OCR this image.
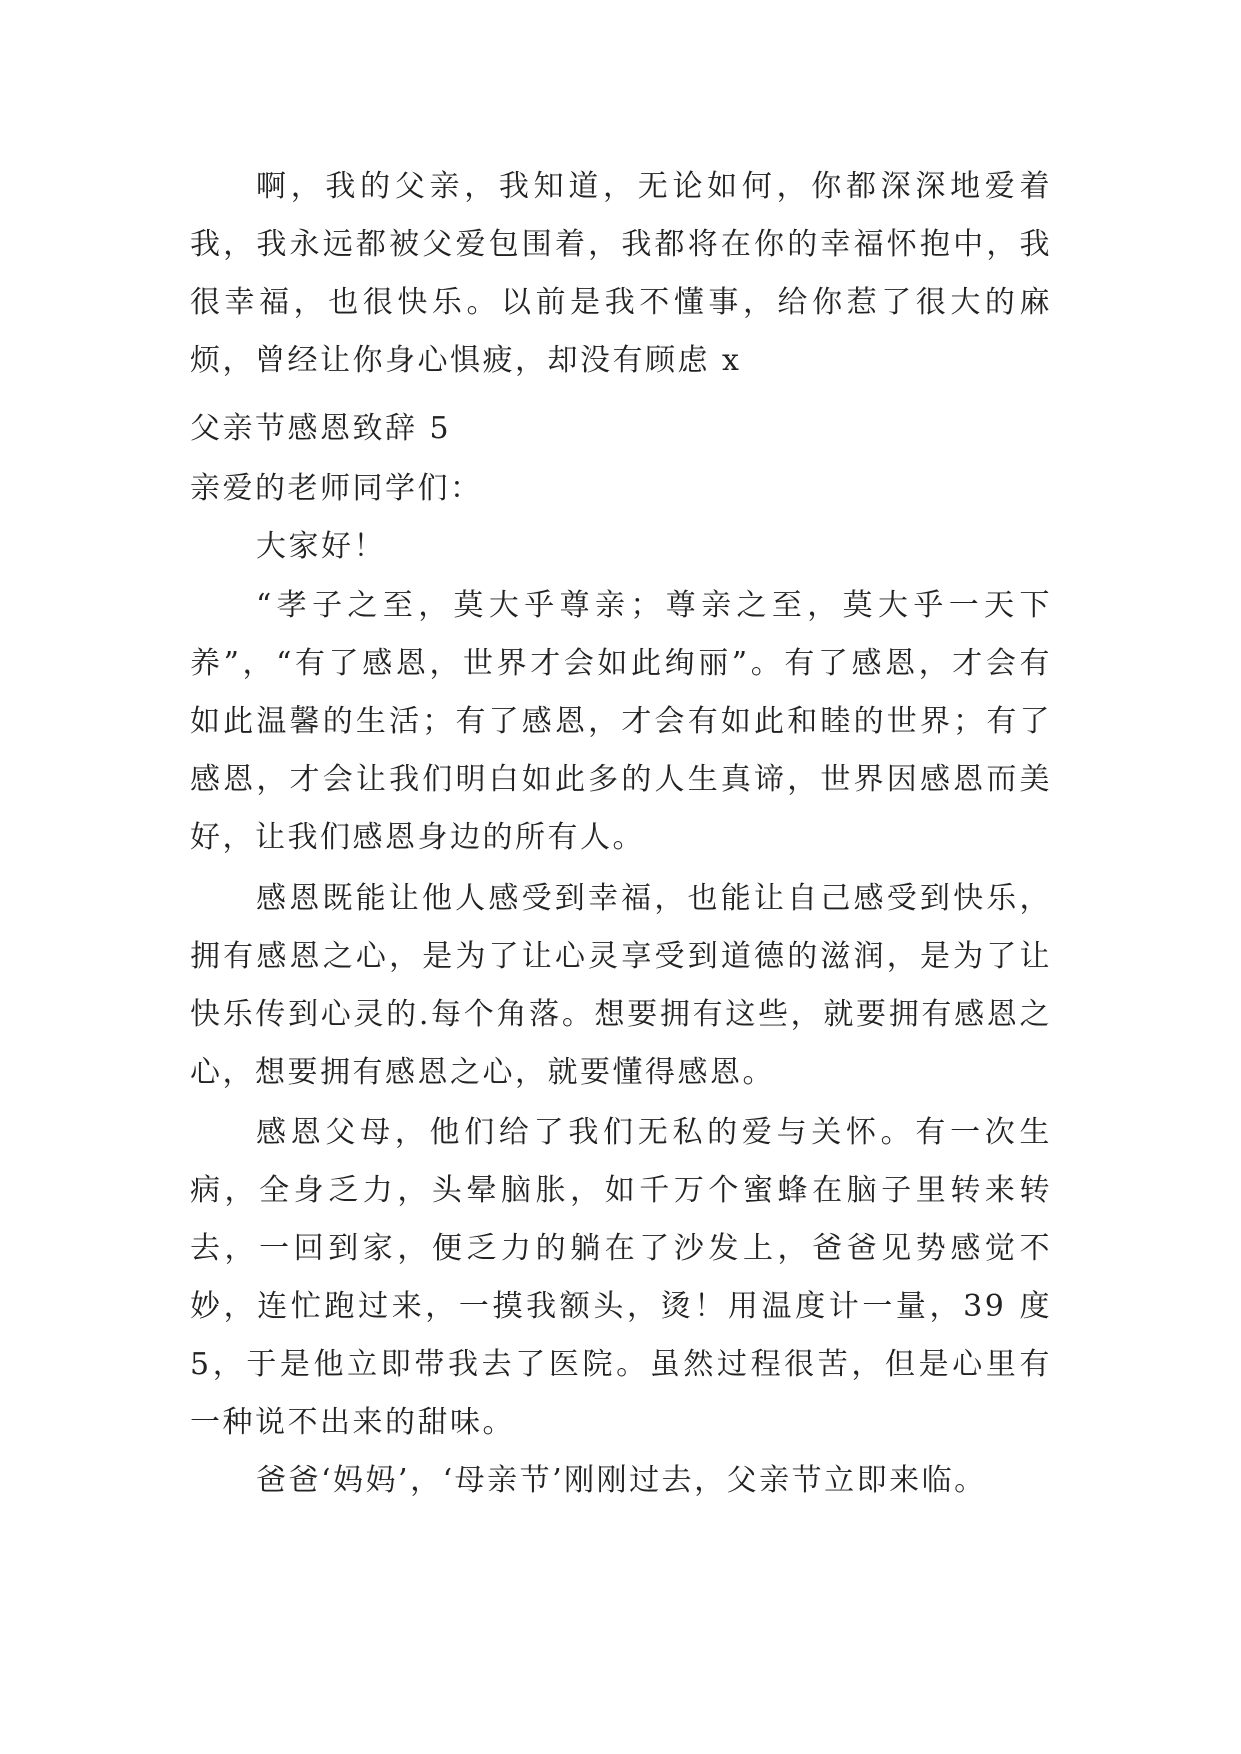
啊，我的父亲，我知道，无论如何，你都深深地爱着我，我永远都被父爱包围着，我都将在你的幸福怀抱中，我很幸福，也很快乐。以前是我不懂事，给你惹了很大的麻烦，曾经让你身心惧疲，却没有顾虑 x

父亲节感恩致辞 5

亲爱的老师同学们：

大家好！

“孝子之至，莫大乎尊亲；尊亲之至，莫大乎一天下养”，“有了感恩，世界才会如此绚丽”。有了感恩，才会有如此温馨的生活；有了感恩，才会有如此和睦的世界；有了感恩，才会让我们明白如此多的人生真谛，世界因感恩而美好，让我们感恩身边的所有人。

感恩既能让他人感受到幸福，也能让自己感受到快乐，拥有感恩之心，是为了让心灵享受到道德的滋润，是为了让快乐传到心灵的.每个角落。想要拥有这些，就要拥有感恩之心，想要拥有感恩之心，就要懂得感恩。

感恩父母，他们给了我们无私的爱与关怀。有一次生病，全身乏力，头晕脑胀，如千万个蜜蜂在脑子里转来转去，一回到家，便乏力的躺在了沙发上，爸爸见势感觉不妙，连忙跑过来，一摸我额头，烫！用温度计一量，39 度 5，于是他立即带我去了医院。虽然过程很苦，但是心里有一种说不出来的甜味。

爸爸‘妈妈’，‘母亲节’刚刚过去，父亲节立即来临。
